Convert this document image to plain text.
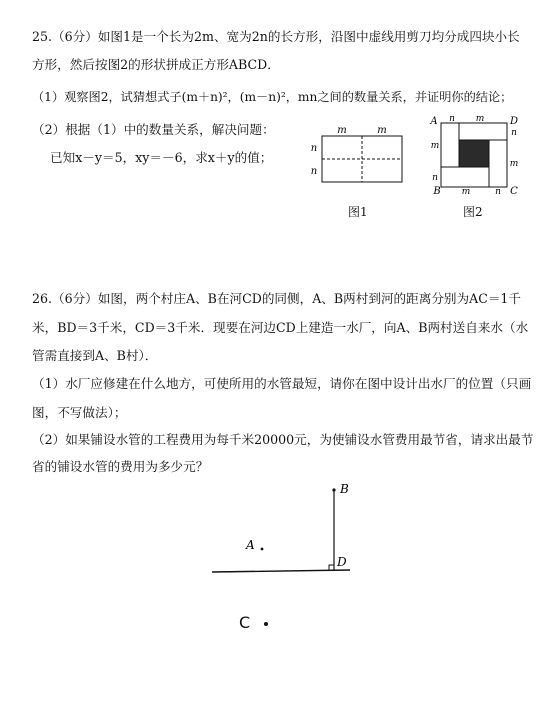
25.（6分）如图1是一个长为2m、宽为2n的长方形，沿图中虚线用剪刀均分成四块小长
方形，然后按图2的形状拼成正方形ABCD．
（1）观察图2，试猜想式子(m＋n)²，(m－n)²，mn之间的数量关系，并证明你的结论；
（2）根据（1）中的数量关系，解决问题：
已知x－y＝5，xy＝－6，求x＋y的值；
m	m
n
n
图1
A	D
B	C
n m
m
n
n
m
m	n
图2
26.（6分）如图，两个村庄A、B在河CD的同侧，A、B两村到河的距离分别为AC＝1千
米，BD＝3千米，CD＝3千米．现要在河边CD上建造一水厂，向A、B两村送自来水（水
管需直接到A、B村）．
（1）水厂应修建在什么地方，可使所用的水管最短，请你在图中设计出水厂的位置（只画
图，不写做法）；
（2）如果铺设水管的工程费用为每千米20000元，为使铺设水管费用最节省，请求出最节
省的铺设水管的费用为多少元？
B
A
D
C
